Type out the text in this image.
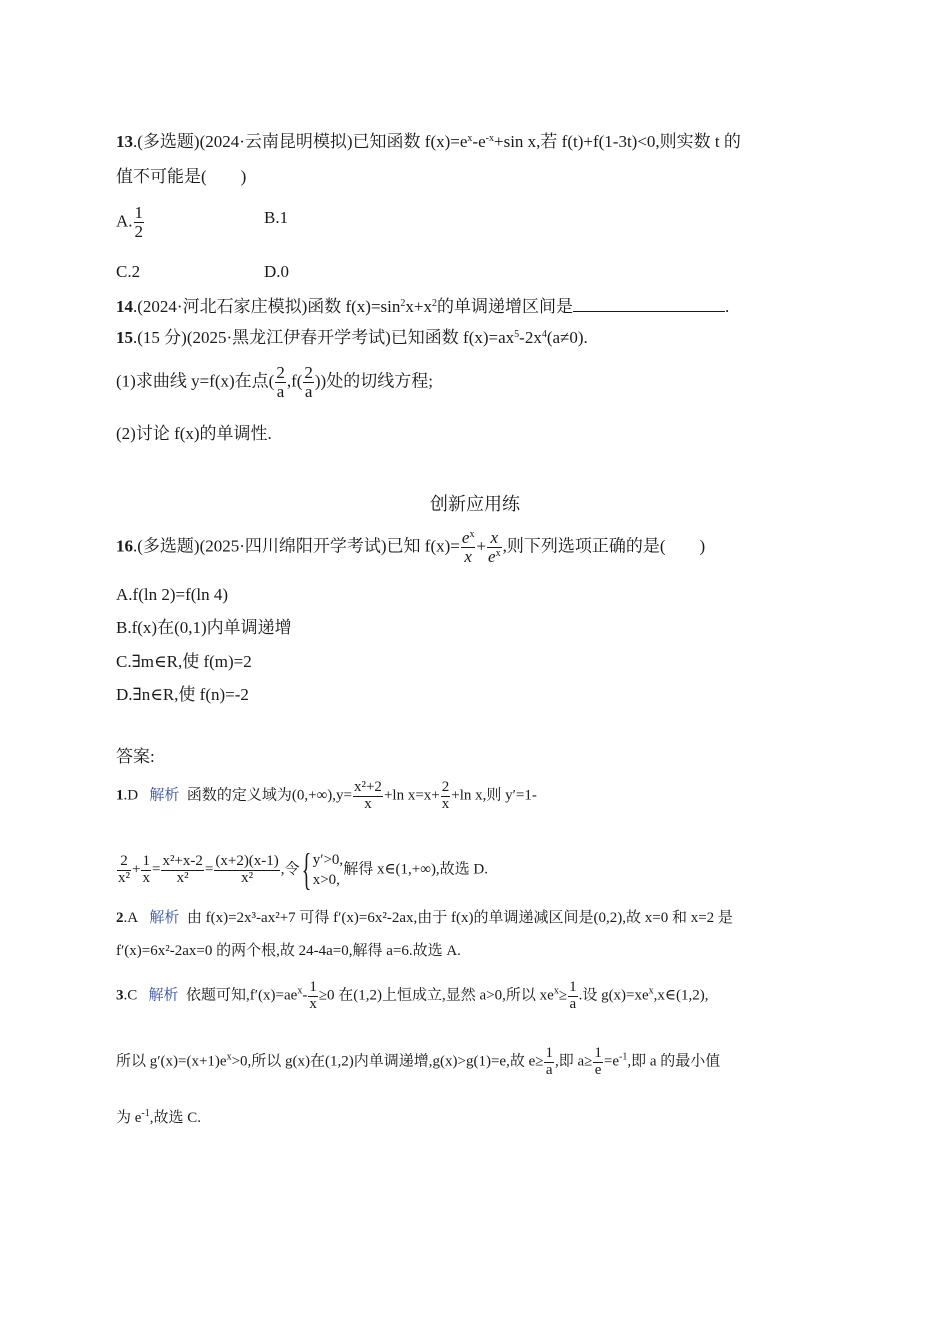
13.(多选题)(2024·云南昆明模拟)已知函数 $f(x)=e^x-e^{-x}+\sin$ x,若 f(t)+f(1-3t)<0,则实数 t 的
值不可能是(　　)
A. $\frac{1}{2}$	B.1
C.2	D.0
14.(2024·河北石家庄模拟)函数 $f(x)=\sin^2x+x^2$的单调递增区间是	.
15.(15 分)(2025·黑龙江伊春开学考试)已知函数 $f(x)=ax^5-2x^4(a\ne 0)$.
(1)求曲线 y=f(x)在点( $\frac{2}{a} ,f( \frac{2}{a}$ ))处的切线方程;
(2)讨论 f(x)的单调性.
创新应用练
16.(多选题)(2025·四川绵阳开学考试)已知 $f(x)= \frac{e^x}{x} + \frac{x}{e^x}$ ,则下列选项正确的是(　　)
A.f(ln 2)=f(ln 4)
B.f(x)在(0,1)内单调递增
C.∃m∈R,使 f(m)=2
D.∃n∈R,使 f(n)=-2
答案:
1.D 解析 函数的定义域为$(0,+\infty),y= \frac{\text{x²+2}}{x} +\ln$ $x=x+ \frac{2}{x} +\ln$ x,则 y′=1-
$\frac{2}{\text{x²}} + \frac{1}{x} = \frac{\text{x²+x-2}}{\text{x²}} = \frac{(x+2)(x-1)}{\text{x²}}$ ,令{ y′>0,
x>0,
解得 x∈(1,+∞),故选 D.
2.A 解析 由 f(x)=2x³-ax²+7 可得 f′(x)=6x²-2ax,由于 f(x)的单调递减区间是(0,2),故 x=0 和 x=2 是
f′(x)=6x²-2ax=0 的两个根,故 24-4a=0,解得 a=6.故选 A.
3.C 解析 依题可知$,f'(x)=ae^x- \frac{1}{x} \ge 0$ 在(1,2)上恒成立,显然 a>0,所以 $xe^x\ge \frac{1}{a}$ .设 $g(x)=xe^x,x\in(1,2)$,
所以 $g'(x)=(x+1)e^x>0$,所以 g(x)在(1,2)内单调递增,g(x)>g(1)=e,故 $e\ge \frac{1}{a}$ ,即 $a\ge \frac{1}{e} =e^{-1}$,即 a 的最小值
为 $e^{-1}$,故选 C.
